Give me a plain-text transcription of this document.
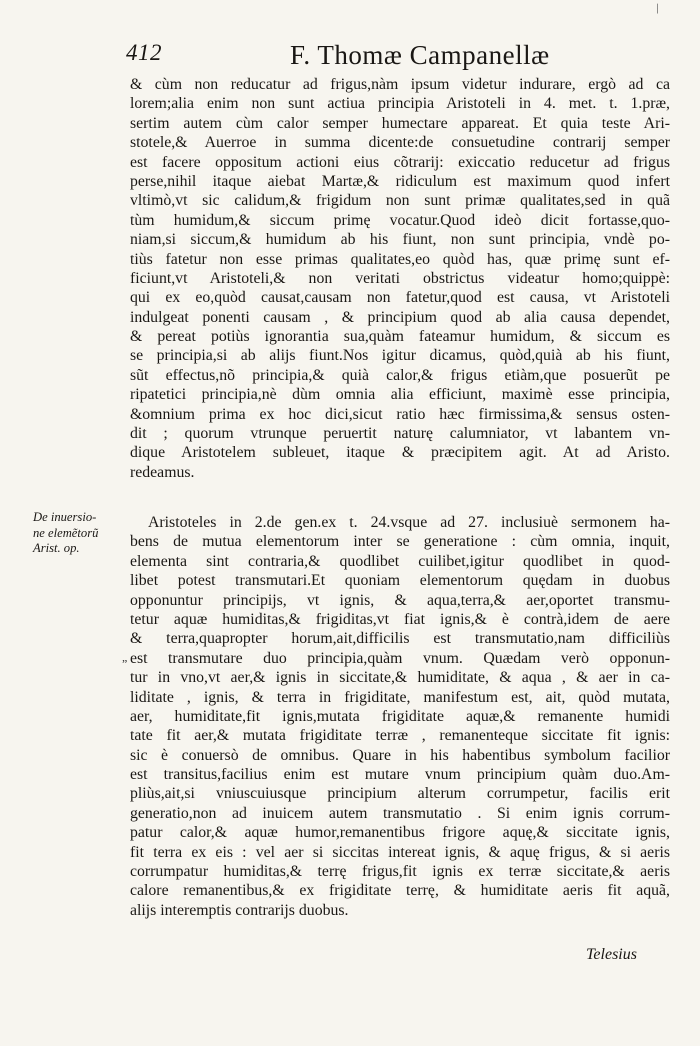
/
412	F. Thomæ Campanellæ
& cùm non reducatur ad frigus,nàm ipsum videtur indurare, ergò ad ca
lorem;alia enim non sunt actiua principia Aristoteli in 4. met. t. 1.præ,
sertim autem cùm calor semper humectare appareat. Et quia teste Ari-
stotele,& Auerroe in summa dicente:de consuetudine contrarij semper
est facere oppositum actioni eius cõtrarij: exiccatio reducetur ad frigus
perse,nihil itaque aiebat Martæ,& ridiculum est maximum quod infert
vltimò,vt sic calidum,& frigidum non sunt primæ qualitates,sed in quã
tùm humidum,& siccum primę vocatur.Quod ideò dicit fortasse,quo-
niam,si siccum,& humidum ab his fiunt, non sunt principia, vndè po-
tiùs fatetur non esse primas qualitates,eo quòd has, quæ primę sunt ef-
ficiunt,vt Aristoteli,& non veritati obstrictus videatur homo;quippè:
qui ex eo,quòd causat,causam non fatetur,quod est causa, vt Aristoteli
indulgeat ponenti causam , & principium quod ab alia causa dependet,
& pereat potiùs ignorantia sua,quàm fateamur humidum, & siccum es
se principia,si ab alijs fiunt.Nos igitur dicamus, quòd,quià ab his fiunt,
sũt effectus,nõ principia,& quià calor,& frigus etiàm,que posuerũt pe
ripatetici principia,nè dùm omnia alia efficiunt, maximè esse principia,
&omnium prima ex hoc dici,sicut ratio hæc firmissima,& sensus osten-
dit ; quorum vtrunque peruertit naturę calumniator, vt labantem vn-
dique Aristotelem subleuet, itaque & præcipitem agit. At ad Aristo.
redeamus.
De inuersio-
ne elemẽtorũ
Arist. op.
„
Aristoteles in 2.de gen.ex t. 24.vsque ad 27. inclusiuè sermonem ha-
bens de mutua elementorum inter se generatione : cùm omnia, inquit,
elementa sint contraria,& quodlibet cuilibet,igitur quodlibet in quod-
libet potest transmutari.Et quoniam elementorum quędam in duobus
opponuntur principijs, vt ignis, & aqua,terra,& aer,oportet transmu-
tetur aquæ humiditas,& frigiditas,vt fiat ignis,& è contrà,idem de aere
& terra,quapropter horum,ait,difficilis est transmutatio,nam difficiliùs
est transmutare duo principia,quàm vnum. Quædam verò opponun-
tur in vno,vt aer,& ignis in siccitate,& humiditate, & aqua , & aer in ca-
liditate , ignis, & terra in frigiditate, manifestum est, ait, quòd mutata,
aer, humiditate,fit ignis,mutata frigiditate aquæ,& remanente humidi
tate fit aer,& mutata frigiditate terræ , remanenteque siccitate fit ignis:
sic è conuersò de omnibus. Quare in his habentibus symbolum facilior
est transitus,facilius enim est mutare vnum principium quàm duo.Am-
pliùs,ait,si vniuscuiusque principium alterum corrumpetur, facilis erit
generatio,non ad inuicem autem transmutatio . Si enim ignis corrum-
patur calor,& aquæ humor,remanentibus frigore aquę,& siccitate ignis,
fit terra ex eis : vel aer si siccitas intereat ignis, & aquę frigus, & si aeris
corrumpatur humiditas,& terrę frigus,fit ignis ex terræ siccitate,& aeris
calore remanentibus,& ex frigiditate terrę, & humiditate aeris fit aquã,
alijs interemptis contrarijs duobus.
Telesius
